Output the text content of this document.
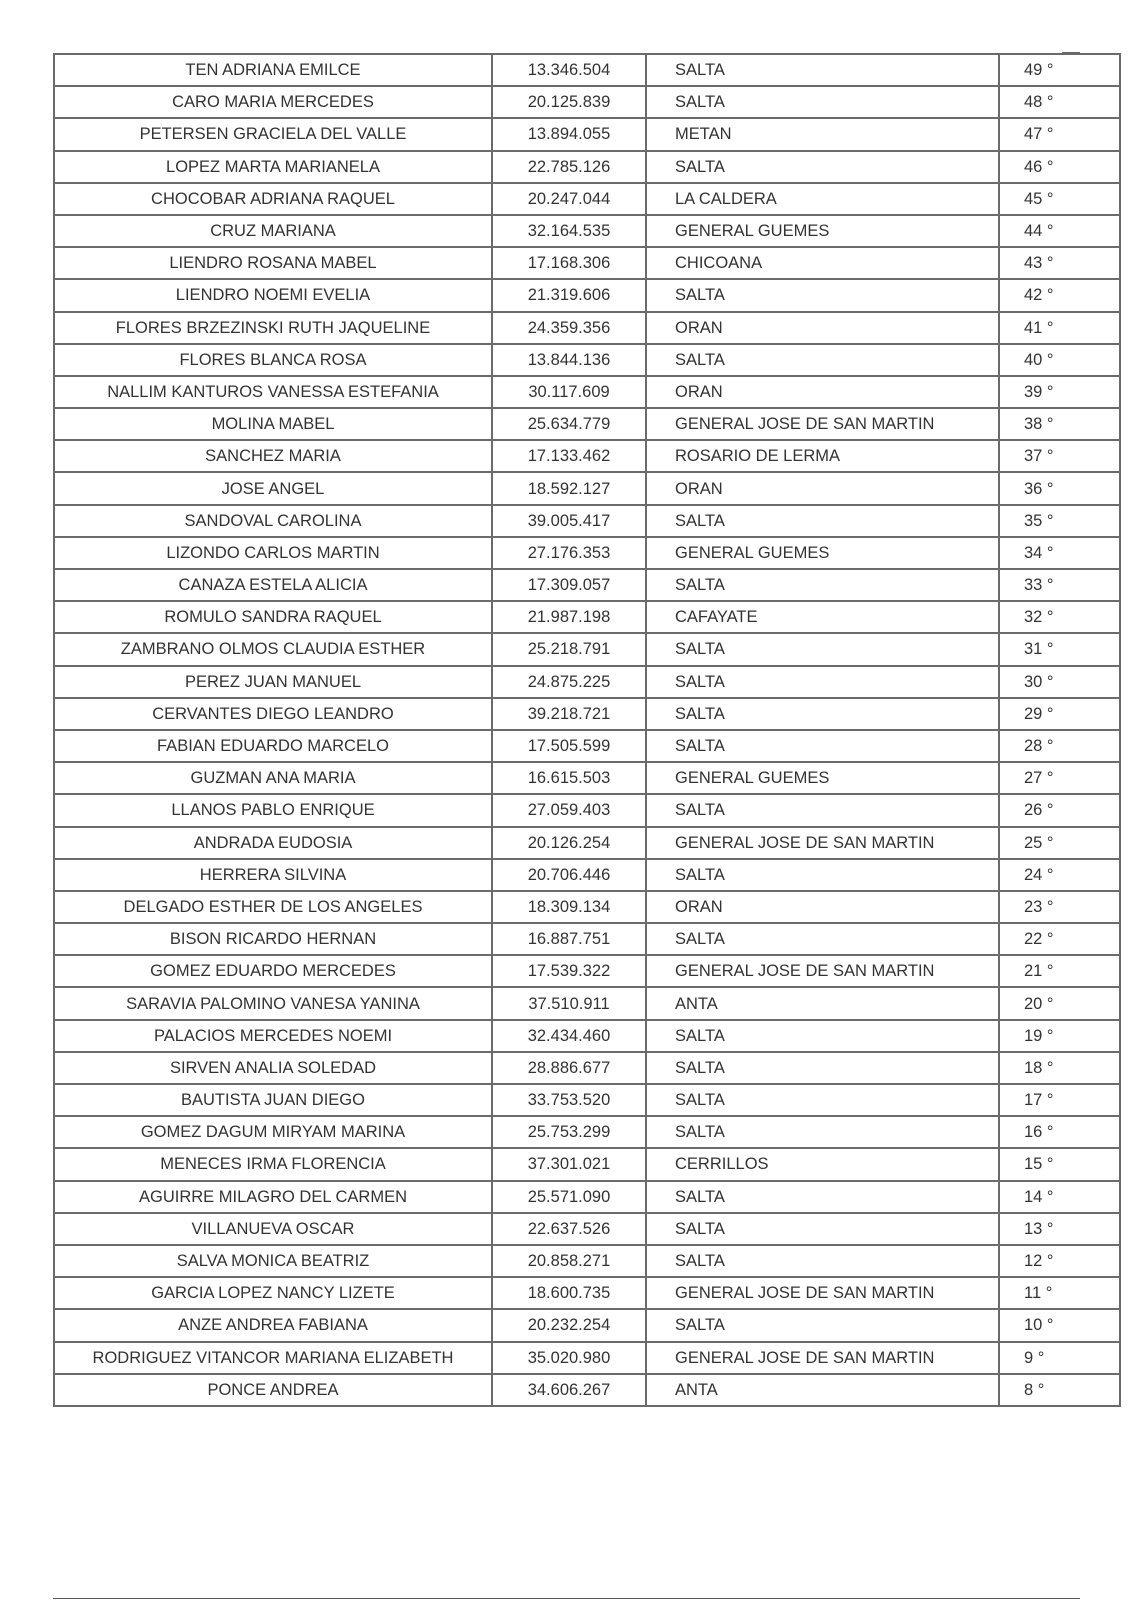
TEN ADRIANA EMILCE	13.346.504	SALTA	49 °
CARO MARIA MERCEDES	20.125.839	SALTA	48 °
PETERSEN GRACIELA DEL VALLE	13.894.055	METAN	47 °
LOPEZ MARTA MARIANELA	22.785.126	SALTA	46 °
CHOCOBAR ADRIANA RAQUEL	20.247.044	LA CALDERA	45 °
CRUZ MARIANA	32.164.535	GENERAL GUEMES	44 °
LIENDRO ROSANA MABEL	17.168.306	CHICOANA	43 °
LIENDRO NOEMI EVELIA	21.319.606	SALTA	42 °
FLORES BRZEZINSKI RUTH JAQUELINE	24.359.356	ORAN	41 °
FLORES BLANCA ROSA	13.844.136	SALTA	40 °
NALLIM KANTUROS VANESSA ESTEFANIA	30.117.609	ORAN	39 °
MOLINA MABEL	25.634.779	GENERAL JOSE DE SAN MARTIN	38 °
SANCHEZ MARIA	17.133.462	ROSARIO DE LERMA	37 °
JOSE ANGEL	18.592.127	ORAN	36 °
SANDOVAL CAROLINA	39.005.417	SALTA	35 °
LIZONDO CARLOS MARTIN	27.176.353	GENERAL GUEMES	34 °
CANAZA ESTELA ALICIA	17.309.057	SALTA	33 °
ROMULO SANDRA RAQUEL	21.987.198	CAFAYATE	32 °
ZAMBRANO OLMOS CLAUDIA ESTHER	25.218.791	SALTA	31 °
PEREZ JUAN MANUEL	24.875.225	SALTA	30 °
CERVANTES DIEGO LEANDRO	39.218.721	SALTA	29 °
FABIAN EDUARDO MARCELO	17.505.599	SALTA	28 °
GUZMAN ANA MARIA	16.615.503	GENERAL GUEMES	27 °
LLANOS PABLO ENRIQUE	27.059.403	SALTA	26 °
ANDRADA EUDOSIA	20.126.254	GENERAL JOSE DE SAN MARTIN	25 °
HERRERA SILVINA	20.706.446	SALTA	24 °
DELGADO ESTHER DE LOS ANGELES	18.309.134	ORAN	23 °
BISON RICARDO HERNAN	16.887.751	SALTA	22 °
GOMEZ EDUARDO MERCEDES	17.539.322	GENERAL JOSE DE SAN MARTIN	21 °
SARAVIA PALOMINO VANESA YANINA	37.510.911	ANTA	20 °
PALACIOS MERCEDES NOEMI	32.434.460	SALTA	19 °
SIRVEN ANALIA SOLEDAD	28.886.677	SALTA	18 °
BAUTISTA JUAN DIEGO	33.753.520	SALTA	17 °
GOMEZ DAGUM MIRYAM MARINA	25.753.299	SALTA	16 °
MENECES IRMA FLORENCIA	37.301.021	CERRILLOS	15 °
AGUIRRE MILAGRO DEL CARMEN	25.571.090	SALTA	14 °
VILLANUEVA OSCAR	22.637.526	SALTA	13 °
SALVA MONICA BEATRIZ	20.858.271	SALTA	12 °
GARCIA LOPEZ NANCY LIZETE	18.600.735	GENERAL JOSE DE SAN MARTIN	11 °
ANZE ANDREA FABIANA	20.232.254	SALTA	10 °
RODRIGUEZ VITANCOR MARIANA ELIZABETH	35.020.980	GENERAL JOSE DE SAN MARTIN	9 °
PONCE ANDREA	34.606.267	ANTA	8 °
